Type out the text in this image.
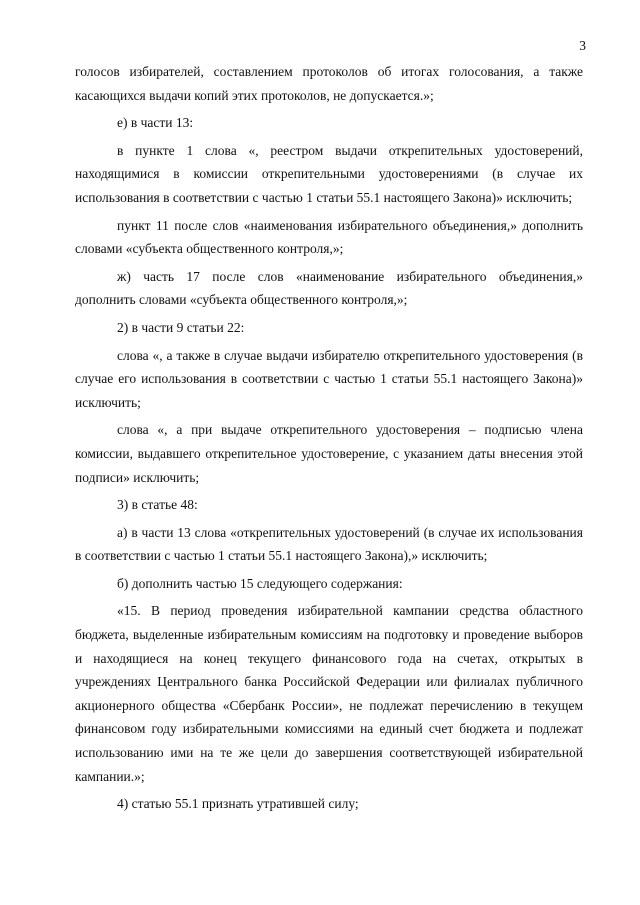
3

голосов избирателей, составлением протоколов об итогах голосования, а также касающихся выдачи копий этих протоколов, не допускается.»;

е) в части 13:

в пункте 1 слова «, реестром выдачи открепительных удостоверений, находящимися в комиссии открепительными удостоверениями (в случае их использования в соответствии с частью 1 статьи 55.1 настоящего Закона)» исключить;

пункт 11 после слов «наименования избирательного объединения,» дополнить словами «субъекта общественного контроля,»;

ж) часть 17 после слов «наименование избирательного объединения,» дополнить словами «субъекта общественного контроля,»;

2) в части 9 статьи 22:

слова «, а также в случае выдачи избирателю открепительного удостоверения (в случае его использования в соответствии с частью 1 статьи 55.1 настоящего Закона)» исключить;

слова «, а при выдаче открепительного удостоверения – подписью члена комиссии, выдавшего открепительное удостоверение, с указанием даты внесения этой подписи» исключить;

3) в статье 48:

а) в части 13 слова «открепительных удостоверений (в случае их использования в соответствии с частью 1 статьи 55.1 настоящего Закона),» исключить;

б) дополнить частью 15 следующего содержания:

«15. В период проведения избирательной кампании средства областного бюджета, выделенные избирательным комиссиям на подготовку и проведение выборов и находящиеся на конец текущего финансового года на счетах, открытых в учреждениях Центрального банка Российской Федерации или филиалах публичного акционерного общества «Сбербанк России», не подлежат перечислению в текущем финансовом году избирательными комиссиями на единый счет бюджета и подлежат использованию ими на те же цели до завершения соответствующей избирательной кампании.»;

4) статью 55.1 признать утратившей силу;
